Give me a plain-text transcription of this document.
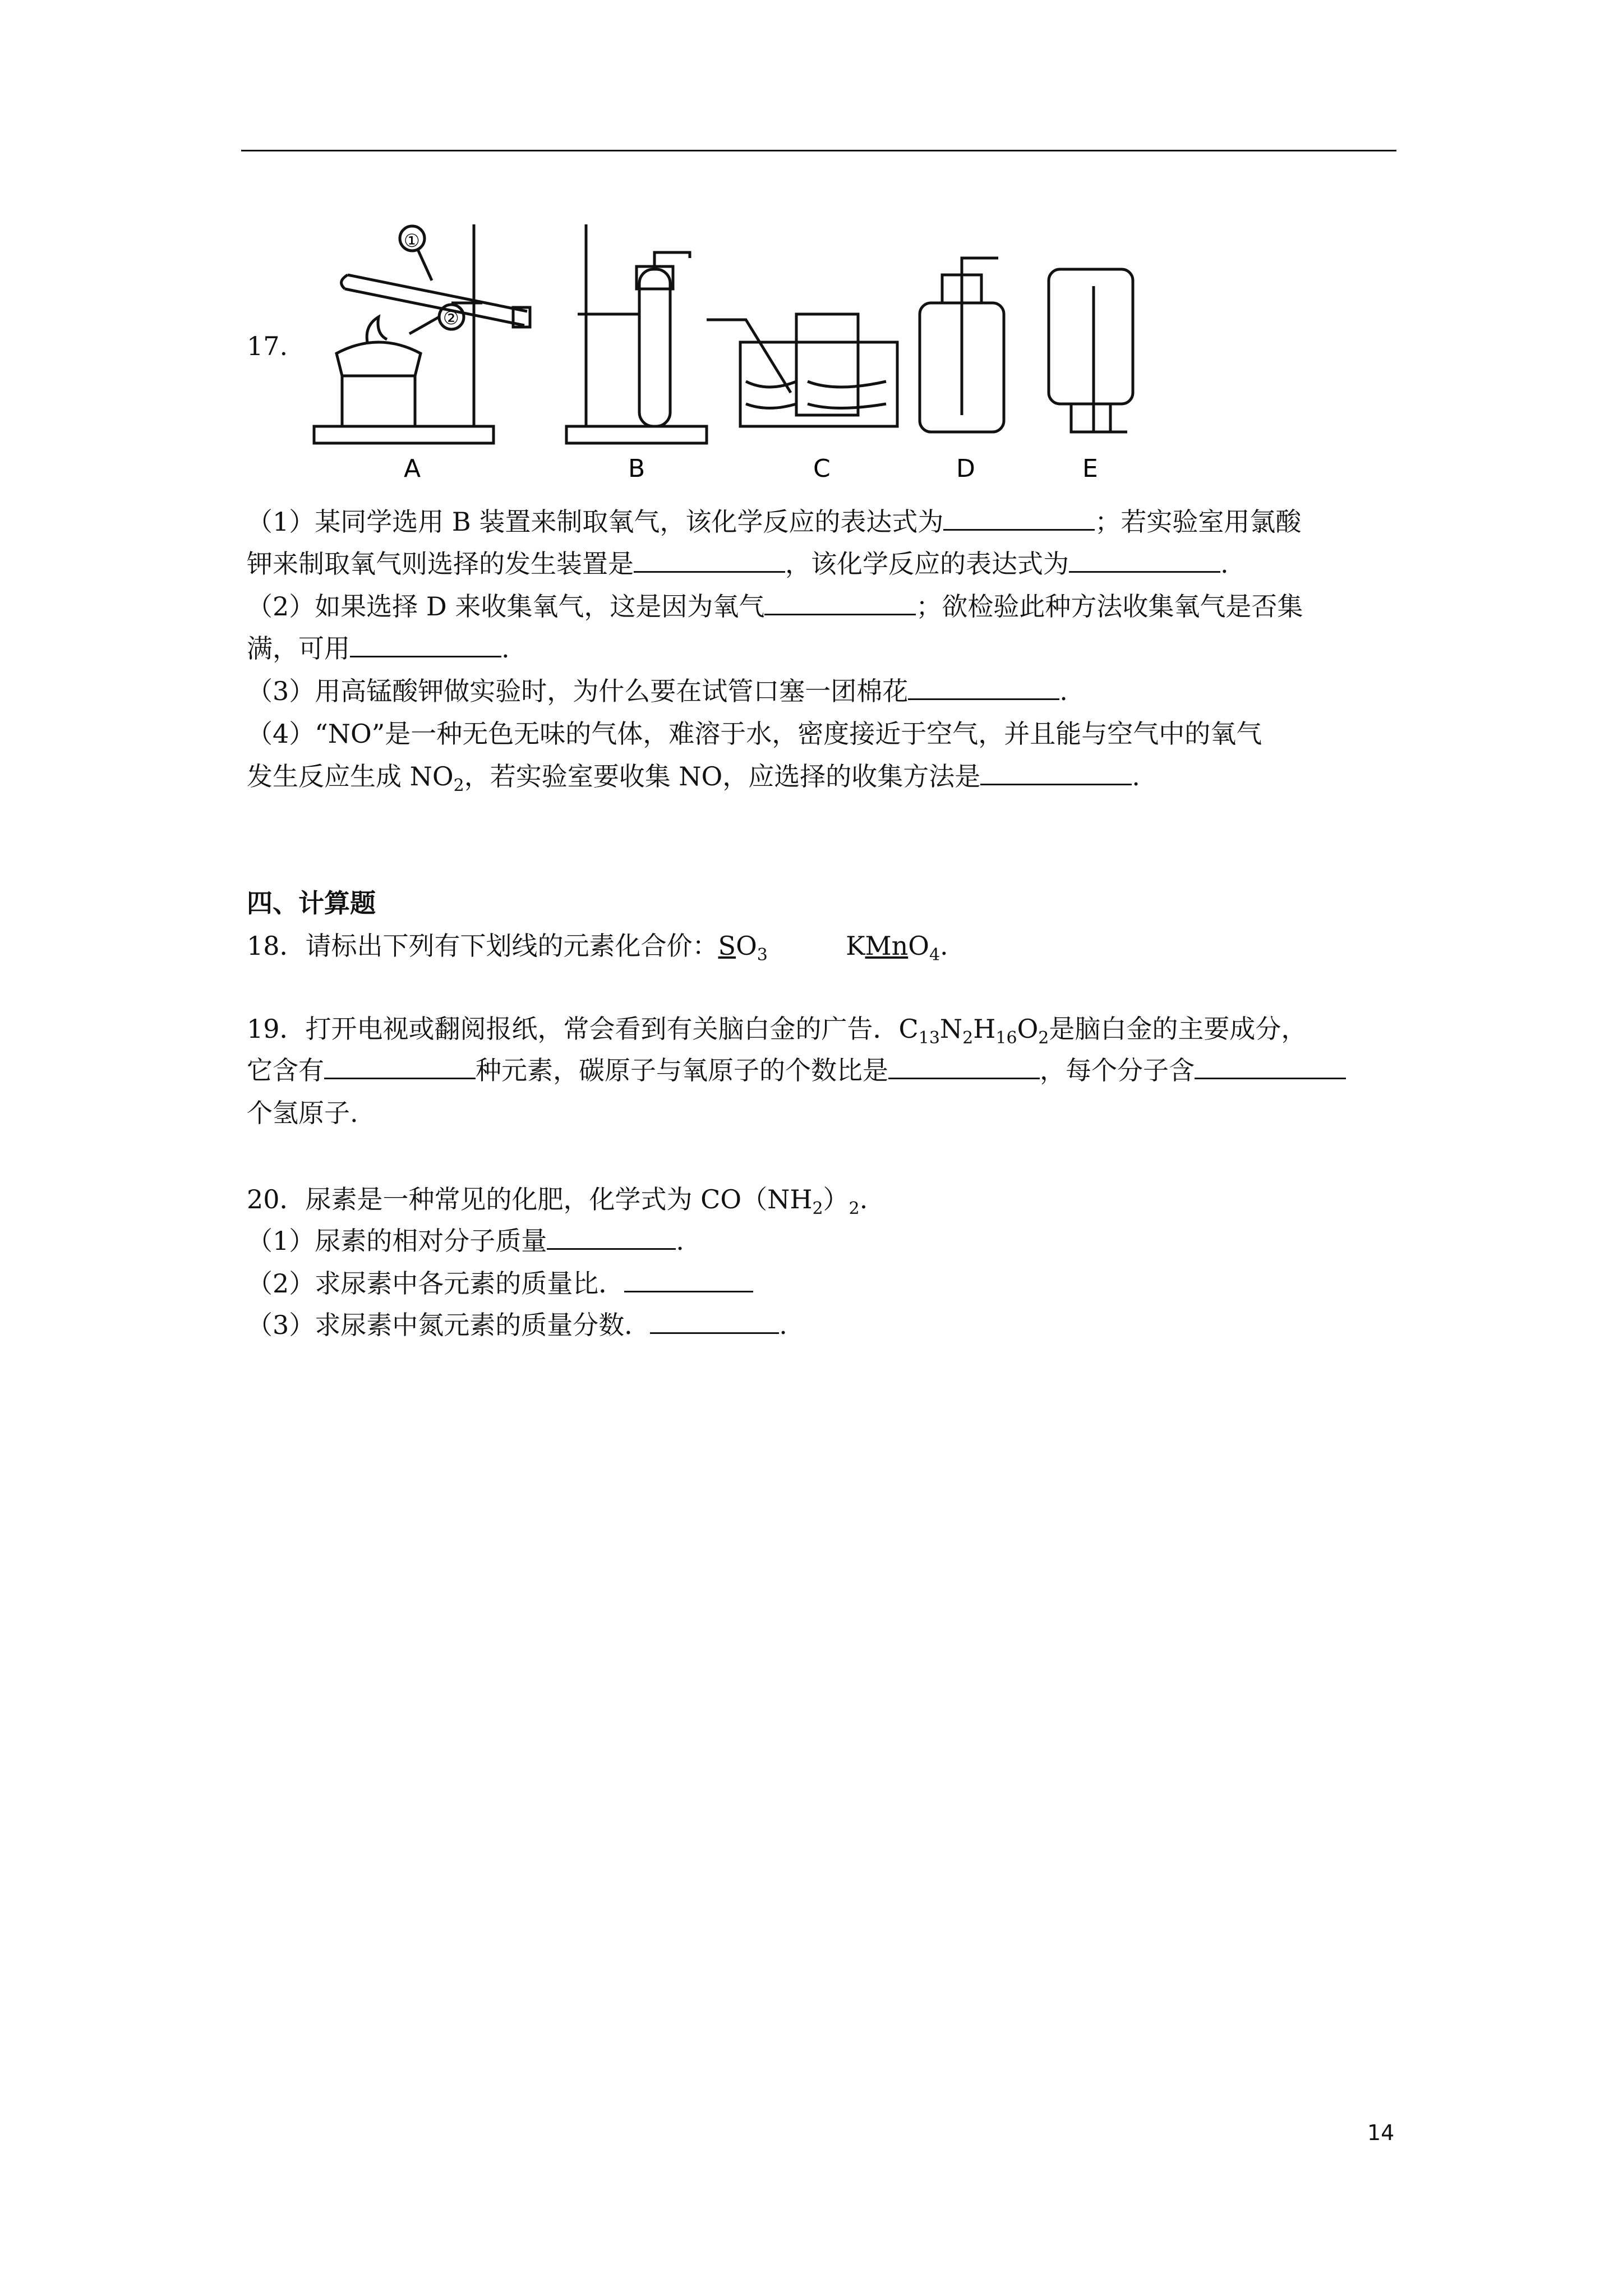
17.
A	B	C	D	E
①
②
（1）某同学选用 B 装置来制取氧气，该化学反应的表达式为	；若实验室用氯酸
钾来制取氧气则选择的发生装置是	，该化学反应的表达式为	.
（2）如果选择 D 来收集氧气，这是因为氧气	；欲检验此种方法收集氧气是否集
满，可用	.
（3）用高锰酸钾做实验时，为什么要在试管口塞一团棉花	.
（4）“NO”是一种无色无味的气体，难溶于水，密度接近于空气，并且能与空气中的氧气
发生反应生成 $NO_2$，若实验室要收集 NO，应选择的收集方法是	.
四、计算题
18．请标出下列有下划线的元素化合价：$SO_3$	KMnO$_4$.
19．打开电视或翻阅报纸，常会看到有关脑白金的广告．$C_{13}N_2H_{16}O_2$是脑白金的主要成分，
它含有	种元素，碳原子与氧原子的个数比是	，每个分子含
个氢原子.
20．尿素是一种常见的化肥，化学式为 $CO(NH_2)_2$.
（1）尿素的相对分子质量	.
（2）求尿素中各元素的质量比．
（3）求尿素中氮元素的质量分数．	.
14
